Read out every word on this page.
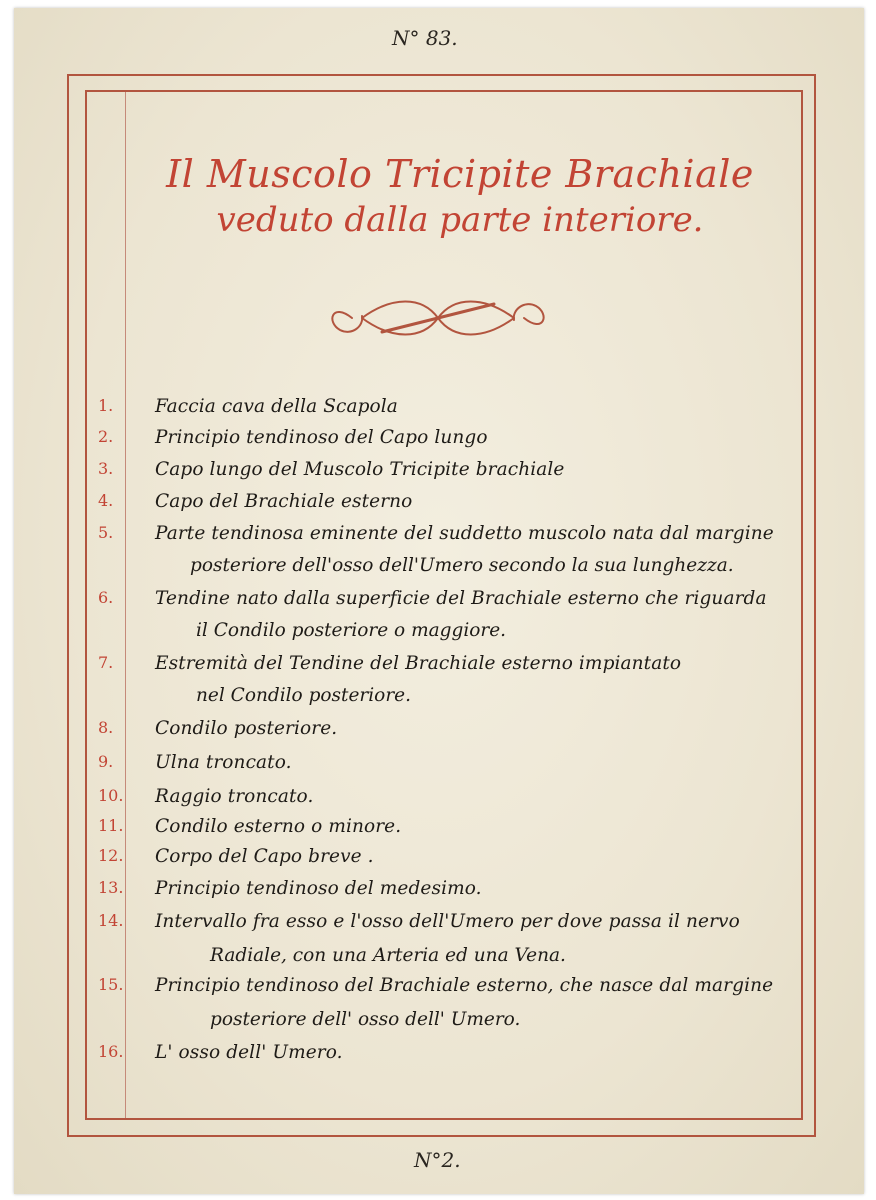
N° 83.
Il Muscolo Tricipite Brachiale
veduto dalla parte interiore.
1.	Faccia cava della Scapola
2.	Principio tendinoso del Capo lungo
3.	Capo lungo del Muscolo Tricipite brachiale
4.	Capo del Brachiale esterno
5.	Parte tendinosa eminente del suddetto muscolo nata dal margine
posteriore dell'osso dell'Umero secondo la sua lunghezza.
6.	Tendine nato dalla superficie del Brachiale esterno che riguarda
il Condilo posteriore o maggiore.
7.	Estremità del Tendine del Brachiale esterno impiantato
nel Condilo posteriore.
8.	Condilo posteriore.
9.	Ulna troncato.
10. Raggio troncato.
11. Condilo esterno o minore.
12. Corpo del Capo breve .
13. Principio tendinoso del medesimo.
14. Intervallo fra esso e l'osso dell'Umero per dove passa il nervo
Radiale, con una Arteria ed una Vena.
15. Principio tendinoso del Brachiale esterno, che nasce dal margine
posteriore dell' osso dell' Umero.
16. L' osso dell' Umero.
N°2.
